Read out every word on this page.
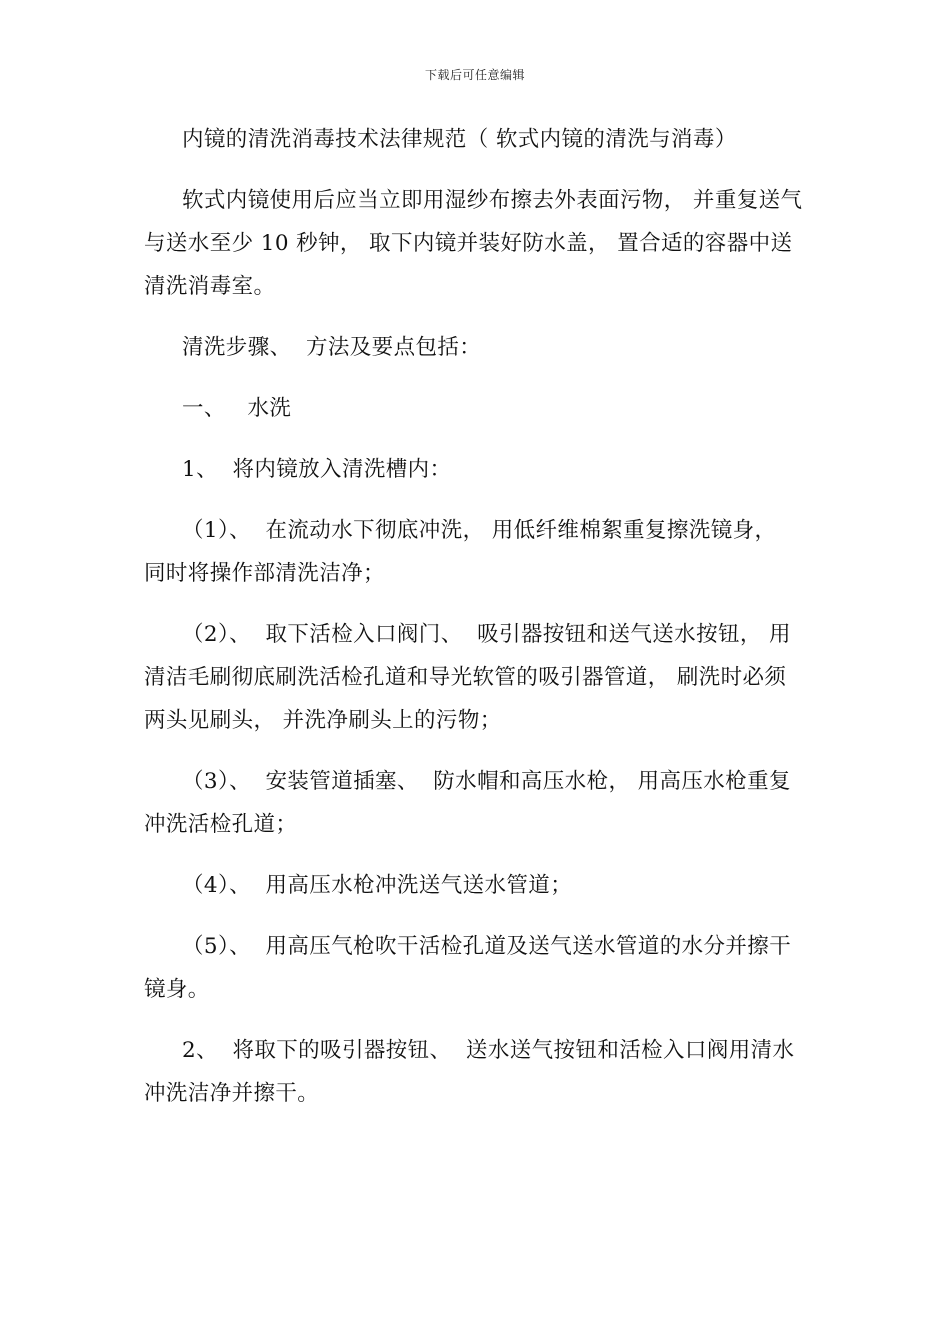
下载后可任意编辑

内镜的清洗消毒技术法律规范（ 软式内镜的清洗与消毒）

软式内镜使用后应当立即用湿纱布擦去外表面污物， 并重复送气与送水至少 10 秒钟， 取下内镜并装好防水盖， 置合适的容器中送清洗消毒室。

清洗步骤、  方法及要点包括：

一、   水洗

1、  将内镜放入清洗槽内：

（1）、  在流动水下彻底冲洗， 用低纤维棉絮重复擦洗镜身，  同时将操作部清洗洁净；

（2）、  取下活检入口阀门、  吸引器按钮和送气送水按钮， 用清洁毛刷彻底刷洗活检孔道和导光软管的吸引器管道， 刷洗时必须两头见刷头， 并洗净刷头上的污物；

（3）、  安装管道插塞、  防水帽和高压水枪， 用高压水枪重复冲洗活检孔道；

（4）、  用高压水枪冲洗送气送水管道；

（5）、  用高压气枪吹干活检孔道及送气送水管道的水分并擦干镜身。

2、  将取下的吸引器按钮、  送水送气按钮和活检入口阀用清水冲洗洁净并擦干。
